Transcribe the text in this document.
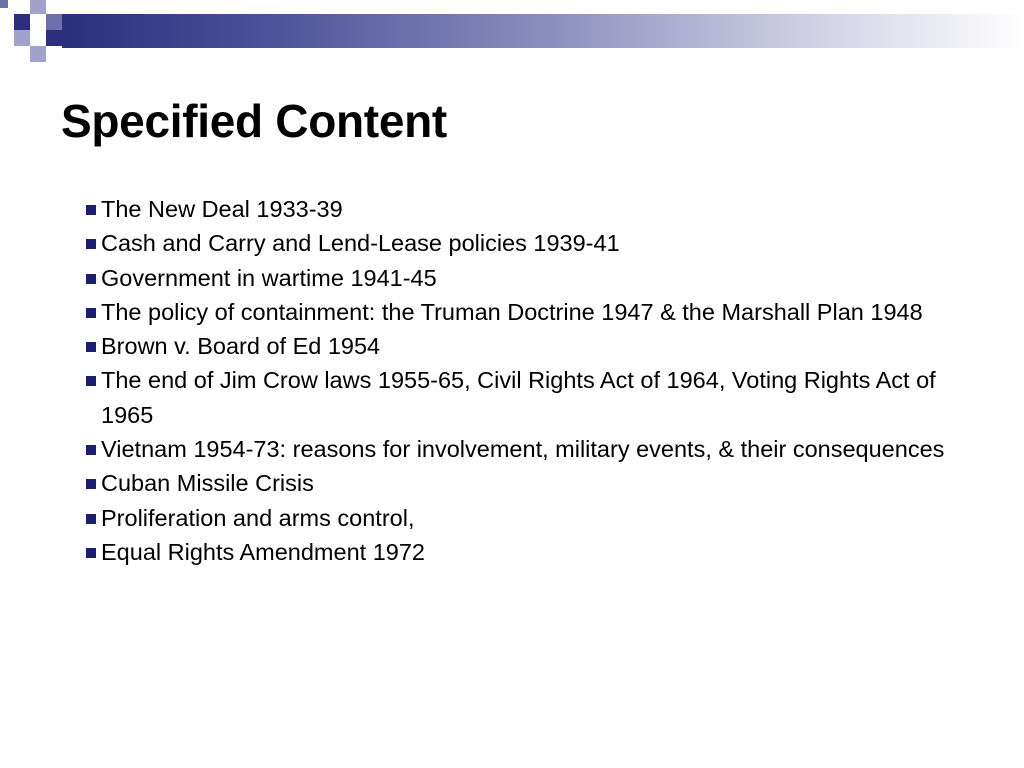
Specified Content
The New Deal 1933-39
Cash and Carry and Lend-Lease policies 1939-41
Government in wartime 1941-45
The policy of containment: the Truman Doctrine 1947 & the Marshall Plan 1948
Brown v. Board of Ed 1954
The end of Jim Crow laws 1955-65, Civil Rights Act of 1964, Voting Rights Act of 1965
Vietnam 1954-73: reasons for involvement, military events, & their consequences
Cuban Missile Crisis
Proliferation and arms control,
Equal Rights Amendment 1972
